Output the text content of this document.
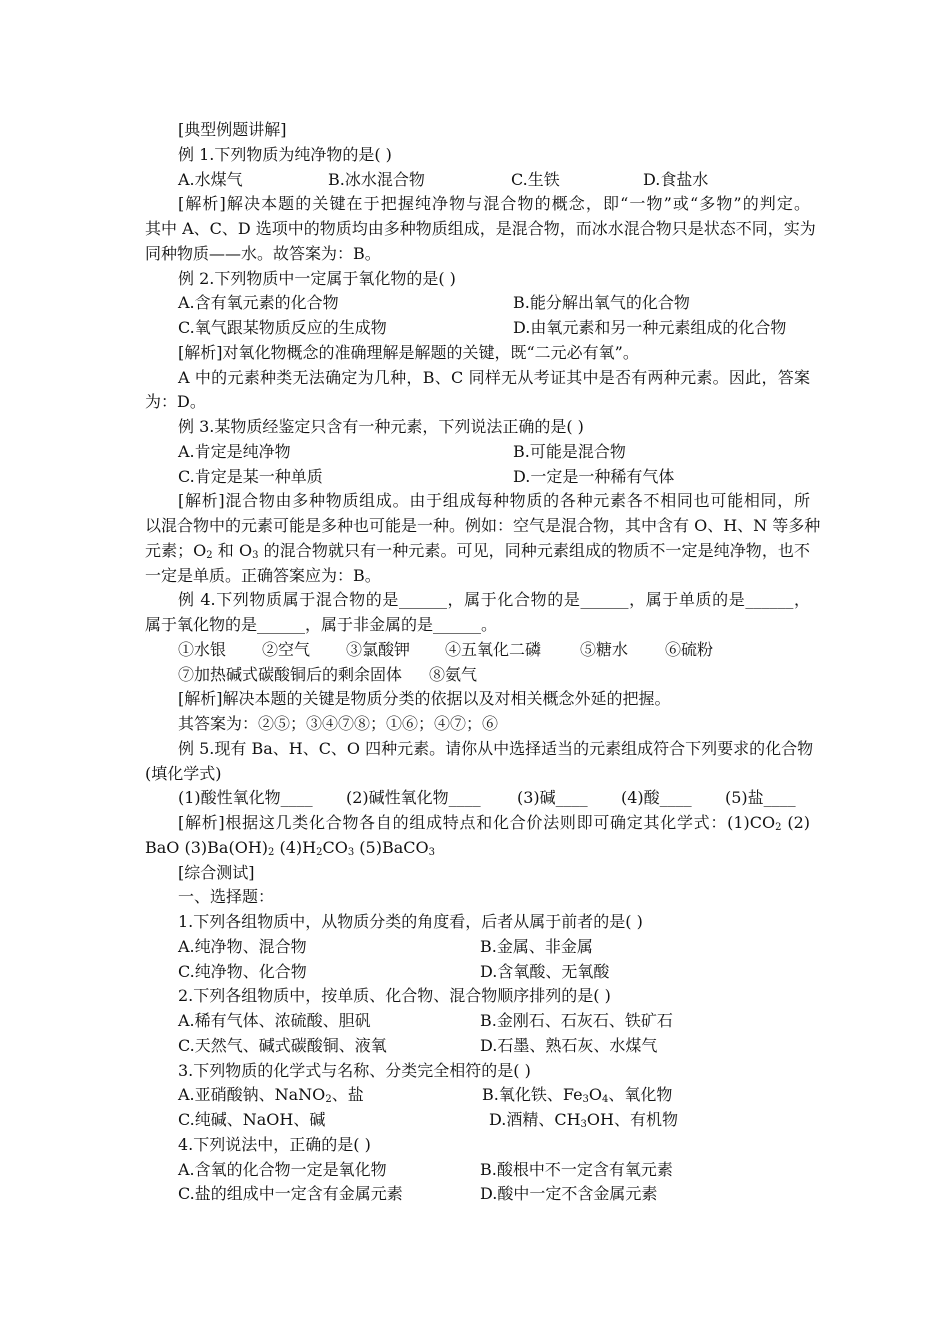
[典型例题讲解]
例 1.下列物质为纯净物的是( )
A.水煤气	B.冰水混合物	C.生铁	D.食盐水
[解析]解决本题的关键在于把握纯净物与混合物的概念，即“一物”或“多物”的判定。
其中 A、C、D 选项中的物质均由多种物质组成，是混合物，而冰水混合物只是状态不同，实为
同种物质——水。故答案为：B。
例 2.下列物质中一定属于氧化物的是( )
A.含有氧元素的化合物	B.能分解出氧气的化合物
C.氧气跟某物质反应的生成物	D.由氧元素和另一种元素组成的化合物
[解析]对氧化物概念的准确理解是解题的关键，既“二元必有氧”。
A 中的元素种类无法确定为几种，B、C 同样无从考证其中是否有两种元素。因此，答案
为：D。
例 3.某物质经鉴定只含有一种元素，下列说法正确的是( )
A.肯定是纯净物	B.可能是混合物
C.肯定是某一种单质	D.一定是一种稀有气体
[解析]混合物由多种物质组成。由于组成每种物质的各种元素各不相同也可能相同，所
以混合物中的元素可能是多种也可能是一种。例如：空气是混合物，其中含有 O、H、N 等多种
元素；$O_2$ 和 $O_3$ 的混合物就只有一种元素。可见，同种元素组成的物质不一定是纯净物，也不
一定是单质。正确答案应为：B。
例 4.下列物质属于混合物的是______，属于化合物的是______，属于单质的是______，
属于氧化物的是______，属于非金属的是______。
①水银 ②空气 ③氯酸钾 ④五氧化二磷 ⑤糖水 ⑥硫粉
⑦加热碱式碳酸铜后的剩余固体 ⑧氨气
[解析]解决本题的关键是物质分类的依据以及对相关概念外延的把握。
其答案为：②⑤；③④⑦⑧；①⑥；④⑦；⑥
例 5.现有 Ba、H、C、O 四种元素。请你从中选择适当的元素组成符合下列要求的化合物
(填化学式)
(1)酸性氧化物____ (2)碱性氧化物____ (3)碱____ (4)酸____ (5)盐____
[解析]根据这几类化合物各自的组成特点和化合价法则即可确定其化学式：$(1)CO_2$ (2)
BaO $(3)Ba(OH)_2$ $(4)H_2CO_3$ (5)BaCO$_3$
[综合测试]
一、选择题：
1.下列各组物质中，从物质分类的角度看，后者从属于前者的是( )
A.纯净物、混合物	B.金属、非金属
C.纯净物、化合物	D.含氧酸、无氧酸
2.下列各组物质中，按单质、化合物、混合物顺序排列的是( )
A.稀有气体、浓硫酸、胆矾	B.金刚石、石灰石、铁矿石
C.天然气、碱式碳酸铜、液氧	D.石墨、熟石灰、水煤气
3.下列物质的化学式与名称、分类完全相符的是( )
A.亚硝酸钠、NaNO$_2$、盐	B.氧化铁、$Fe_3O_4$、氧化物
C.纯碱、NaOH、碱	D.酒精、$CH_3OH$、有机物
4.下列说法中，正确的是( )
A.含氧的化合物一定是氧化物	B.酸根中不一定含有氧元素
C.盐的组成中一定含有金属元素	D.酸中一定不含金属元素
